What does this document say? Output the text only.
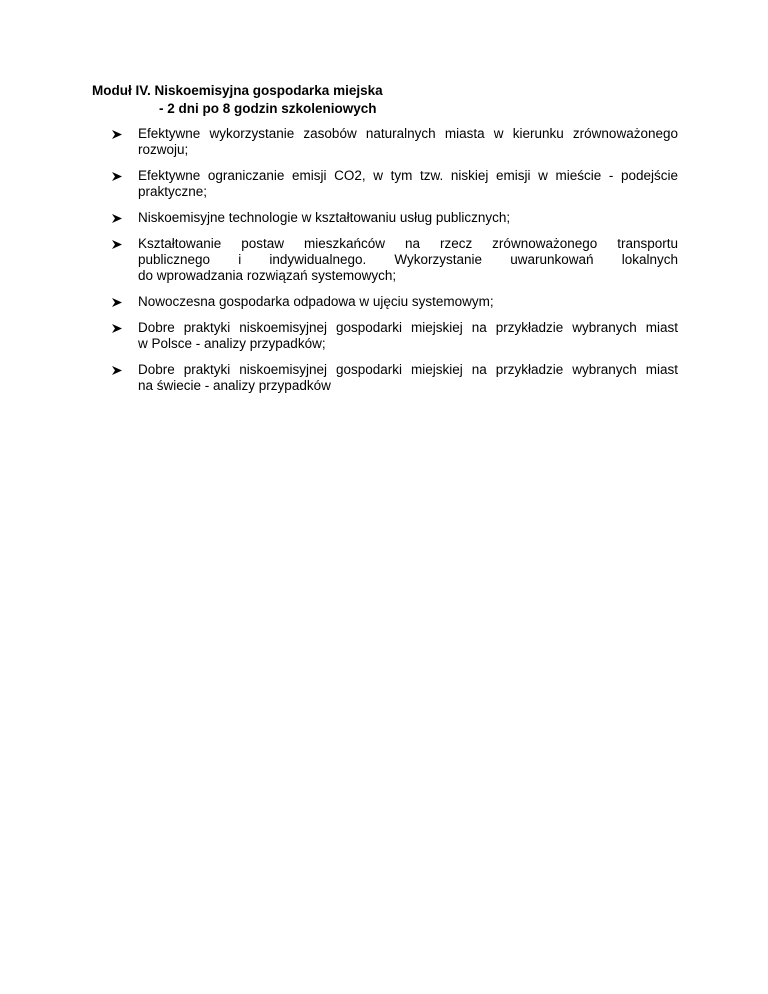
Moduł IV. Niskoemisyjna gospodarka miejska
- 2 dni po 8 godzin szkoleniowych
Efektywne wykorzystanie zasobów naturalnych miasta w kierunku zrównoważonego
rozwoju;
Efektywne ograniczanie emisji CO2, w tym tzw. niskiej emisji w mieście - podejście
praktyczne;
Niskoemisyjne technologie w kształtowaniu usług publicznych;
Kształtowanie postaw mieszkańców na rzecz zrównoważonego transportu
publicznego i indywidualnego. Wykorzystanie uwarunkowań lokalnych
do wprowadzania rozwiązań systemowych;
Nowoczesna gospodarka odpadowa w ujęciu systemowym;
Dobre praktyki niskoemisyjnej gospodarki miejskiej na przykładzie wybranych miast
w Polsce - analizy przypadków;
Dobre praktyki niskoemisyjnej gospodarki miejskiej na przykładzie wybranych miast
na świecie - analizy przypadków
